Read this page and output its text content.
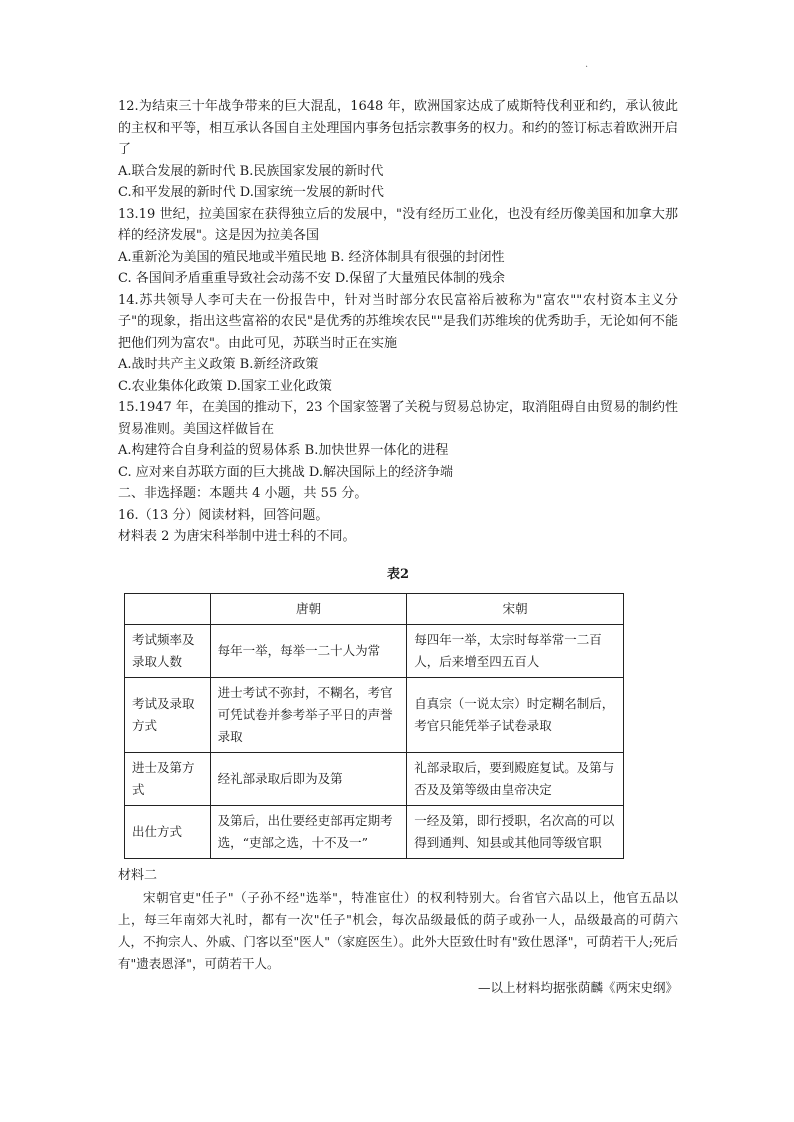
·

12.为结束三十年战争带来的巨大混乱，1648 年，欧洲国家达成了威斯特伐利亚和约，承认彼此的主权和平等，相互承认各国自主处理国内事务包括宗教事务的权力。和约的签订标志着欧洲开启了

A.联合发展的新时代 B.民族国家发展的新时代

C.和平发展的新时代 D.国家统一发展的新时代

13.19 世纪，拉美国家在获得独立后的发展中，"没有经历工业化，也没有经历像美国和加拿大那样的经济发展"。这是因为拉美各国

A.重新沦为美国的殖民地或半殖民地 B. 经济体制具有很强的封闭性

C. 各国间矛盾重重导致社会动荡不安 D.保留了大量殖民体制的残余

14.苏共领导人李可夫在一份报告中，针对当时部分农民富裕后被称为"富农""农村资本主义分子"的现象，指出这些富裕的农民"是优秀的苏维埃农民""是我们苏维埃的优秀助手，无论如何不能把他们列为富农"。由此可见，苏联当时正在实施

A.战时共产主义政策 B.新经济政策

C.农业集体化政策 D.国家工业化政策

15.1947 年，在美国的推动下，23 个国家签署了关税与贸易总协定，取消阻碍自由贸易的制约性贸易准则。美国这样做旨在

A.构建符合自身利益的贸易体系 B.加快世界一体化的进程

C. 应对来自苏联方面的巨大挑战 D.解决国际上的经济争端

二、非选择题：本题共 4 小题，共 55 分。

16.（13 分）阅读材料，回答问题。

材料表 2 为唐宋科举制中进士科的不同。

表2
	唐朝	宋朝
考试频率及录取人数	每年一举，每举一二十人为常	每四年一举，太宗时每举常一二百人，后来增至四五百人
考试及录取方式	进士考试不弥封，不糊名，考官可凭试卷并参考举子平日的声誉录取	自真宗（一说太宗）时定糊名制后，考官只能凭举子试卷录取
进士及第方式	经礼部录取后即为及第	礼部录取后，要到殿庭复试。及第与否及及第等级由皇帝决定
出仕方式	及第后，出仕要经吏部再定期考选，“吏部之选，十不及一”	一经及第，即行授职，名次高的可以得到通判、知县或其他同等级官职

材料二

宋朝官吏"任子"（子孙不经"选举"，特准宦仕）的权利特别大。台省官六品以上，他官五品以上，每三年南郊大礼时，都有一次"任子"机会，每次品级最低的荫子或孙一人，品级最高的可荫六人，不拘宗人、外戚、门客以至"医人"（家庭医生）。此外大臣致仕时有"致仕恩泽"，可荫若干人;死后有"遗表恩泽"，可荫若干人。

—以上材料均据张荫麟《两宋史纲》
